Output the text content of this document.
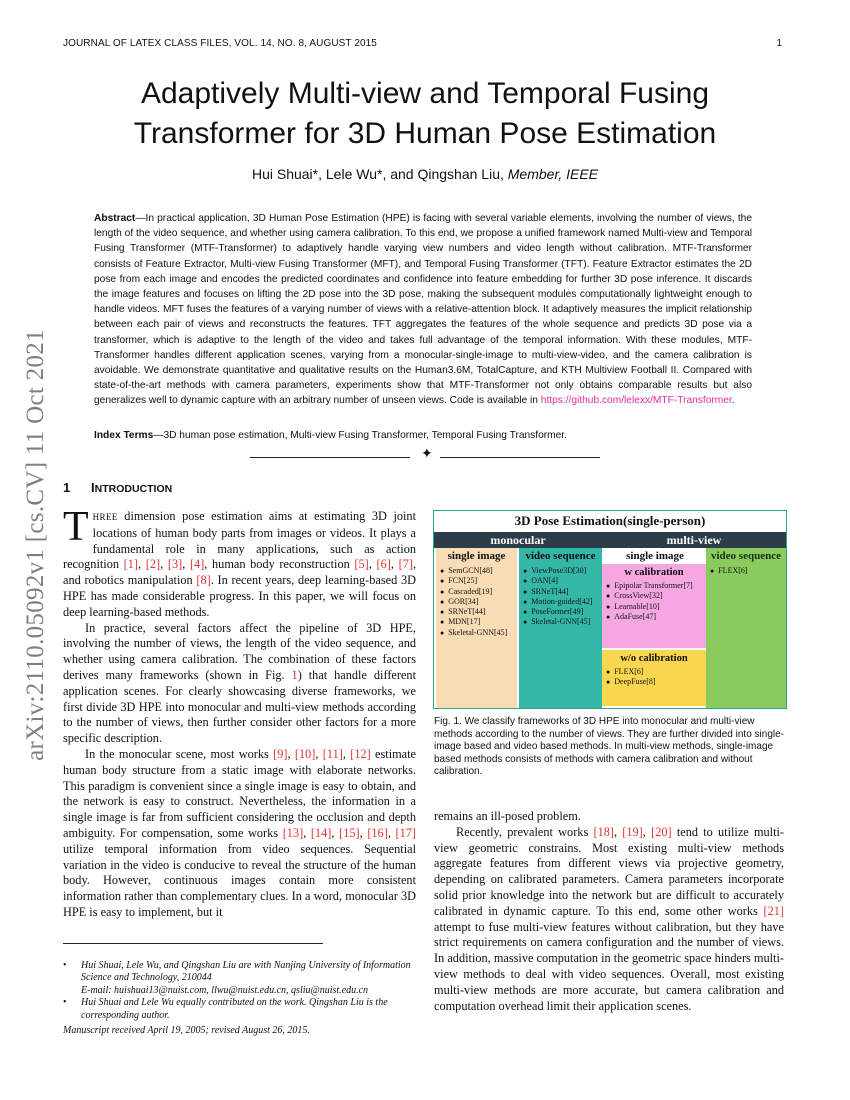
JOURNAL OF LATEX CLASS FILES, VOL. 14, NO. 8, AUGUST 2015	1
arXiv:2110.05092v1 [cs.CV] 11 Oct 2021
Adaptively Multi-view and Temporal Fusing Transformer for 3D Human Pose Estimation
Hui Shuai*, Lele Wu*, and Qingshan Liu, Member, IEEE
Abstract—In practical application, 3D Human Pose Estimation (HPE) is facing with several variable elements, involving the number of views, the length of the video sequence, and whether using camera calibration. To this end, we propose a unified framework named Multi-view and Temporal Fusing Transformer (MTF-Transformer) to adaptively handle varying view numbers and video length without calibration. MTF-Transformer consists of Feature Extractor, Multi-view Fusing Transformer (MFT), and Temporal Fusing Transformer (TFT). Feature Extractor estimates the 2D pose from each image and encodes the predicted coordinates and confidence into feature embedding for further 3D pose inference. It discards the image features and focuses on lifting the 2D pose into the 3D pose, making the subsequent modules computationally lightweight enough to handle videos. MFT fuses the features of a varying number of views with a relative-attention block. It adaptively measures the implicit relationship between each pair of views and reconstructs the features. TFT aggregates the features of the whole sequence and predicts 3D pose via a transformer, which is adaptive to the length of the video and takes full advantage of the temporal information. With these modules, MTF-Transformer handles different application scenes, varying from a monocular-single-image to multi-view-video, and the camera calibration is avoidable. We demonstrate quantitative and qualitative results on the Human3.6M, TotalCapture, and KTH Multiview Football II. Compared with state-of-the-art methods with camera parameters, experiments show that MTF-Transformer not only obtains comparable results but also generalizes well to dynamic capture with an arbitrary number of unseen views. Code is available in https://github.com/lelexx/MTF-Transformer.
Index Terms—3D human pose estimation, Multi-view Fusing Transformer, Temporal Fusing Transformer.
✦
1 INTRODUCTION

THREE dimension pose estimation aims at estimating 3D joint locations of human body parts from images or videos. It plays a fundamental role in many applications, such as action recognition [1], [2], [3], [4], human body reconstruction [5], [6], [7], and robotics manipulation [8]. In recent years, deep learning-based 3D HPE has made considerable progress. In this paper, we will focus on deep learning-based methods.

In practice, several factors affect the pipeline of 3D HPE, involving the number of views, the length of the video sequence, and whether using camera calibration. The combination of these factors derives many frameworks (shown in Fig. 1) that handle different application scenes. For clearly showcasing diverse frameworks, we first divide 3D HPE into monocular and multi-view methods according to the number of views, then further consider other factors for a more specific description.

In the monocular scene, most works [9], [10], [11], [12] estimate human body structure from a static image with elaborate networks. This paradigm is convenient since a single image is easy to obtain, and the network is easy to construct. Nevertheless, the information in a single image is far from sufficient considering the occlusion and depth ambiguity. For compensation, some works [13], [14], [15], [16], [17] utilize temporal information from video sequences. Sequential variation in the video is conducive to reveal the structure of the human body. However, continuous images contain more consistent information rather than complementary clues. In a word, monocular 3D HPE is easy to implement, but it

• Hui Shuai, Lele Wu, and Qingshan Liu are with Nanjing University of Information Science and Technology, 210044
E-mail: huishuai13@nuist.com, llwu@nuist.edu.cn, qsliu@nuist.edu.cn
• Hui Shuai and Lele Wu equally contributed on the work. Qingshan Liu is the corresponding author.
Manuscript received April 19, 2005; revised August 26, 2015.
3D Pose Estimation(single-person)
monocular	multi-view
single image
● SemGCN[48]
● FCN[25]
● Cascaded[19]
● GOR[34]
● SRNeT[44]
● MDN[17]
● Skeletal-GNN[45]
video sequence
● ViewPose3D[30]
● OAN[4]
● SRNeT[44]
● Motion-guided[42]
● PoseFormer[49]
● Skeletal-GNN[45]
single image
w calibration
● Epipolar Transformer[7]
● CrossView[32]
● Learnable[10]
● AdaFuse[47]
w/o calibration
● FLEX[6]
● DeepFuse[8]
video sequence
● FLEX[6]
Fig. 1. We classify frameworks of 3D HPE into monocular and multi-view methods according to the number of views. They are further divided into single-image based and video based methods. In multi-view methods, single-image based methods consists of methods with camera calibration and without calibration.

remains an ill-posed problem.

Recently, prevalent works [18], [19], [20] tend to utilize multi-view geometric constrains. Most existing multi-view methods aggregate features from different views via projective geometry, depending on calibrated parameters. Camera parameters incorporate solid prior knowledge into the network but are difficult to accurately calibrated in dynamic capture. To this end, some other works [21] attempt to fuse multi-view features without calibration, but they have strict requirements on camera configuration and the number of views. In addition, massive computation in the geometric space hinders multi-view methods to deal with video sequences. Overall, most existing multi-view methods are more accurate, but camera calibration and computation overhead limit their application scenes.
